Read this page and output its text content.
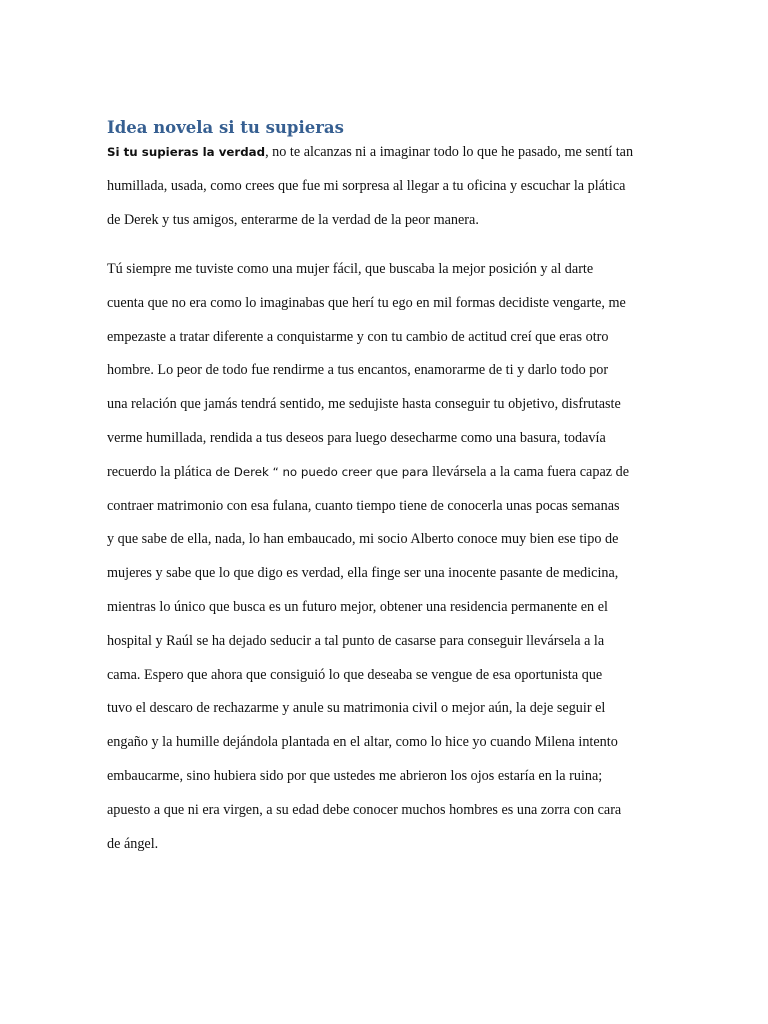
Idea novela si tu supieras
Si tu supieras la verdad, no te alcanzas ni a imaginar todo lo que he pasado, me sentí tan
humillada, usada, como crees que fue mi sorpresa al llegar a tu oficina y escuchar la plática
de Derek y tus amigos, enterarme de la verdad de la peor manera.
Tú siempre me tuviste como una mujer fácil, que buscaba la mejor posición y al darte
cuenta que no era como lo imaginabas que herí tu ego en mil formas decidiste vengarte, me
empezaste a tratar diferente a conquistarme y con tu cambio de actitud creí que eras otro
hombre. Lo peor de todo fue rendirme a tus encantos, enamorarme de ti y darlo todo por
una relación que jamás tendrá sentido, me sedujiste hasta conseguir tu objetivo, disfrutaste
verme humillada, rendida a tus deseos para luego desecharme como una basura, todavía
recuerdo la plática de Derek “ no puedo creer que para llevársela a la cama fuera capaz de
contraer matrimonio con esa fulana, cuanto tiempo tiene de conocerla unas pocas semanas
y que sabe de ella, nada, lo han embaucado, mi socio Alberto conoce muy bien ese tipo de
mujeres y sabe que lo que digo es verdad, ella finge ser una inocente pasante de medicina,
mientras lo único que busca es un futuro mejor, obtener una residencia permanente en el
hospital y Raúl se ha dejado seducir a tal punto de casarse para conseguir llevársela a la
cama. Espero que ahora que consiguió lo que deseaba se vengue de esa oportunista que
tuvo el descaro de rechazarme y anule su matrimonia civil o mejor aún, la deje seguir el
engaño y la humille dejándola plantada en el altar, como lo hice yo cuando Milena intento
embaucarme, sino hubiera sido por que ustedes me abrieron los ojos estaría en la ruina;
apuesto a que ni era virgen, a su edad debe conocer muchos hombres es una zorra con cara
de ángel.
